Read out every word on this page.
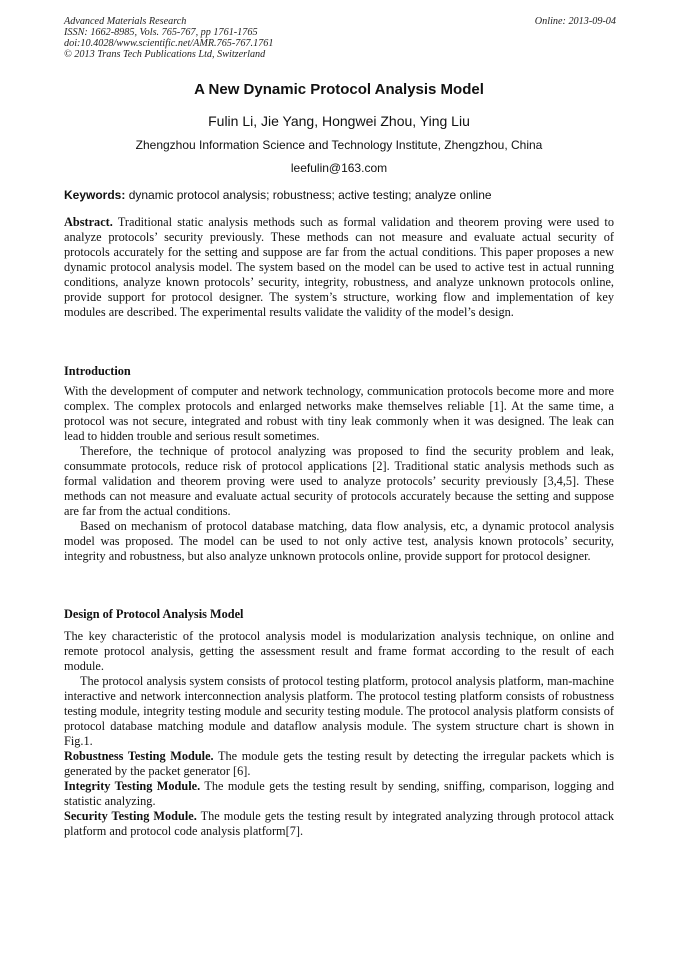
Advanced Materials Research
ISSN: 1662-8985, Vols. 765-767, pp 1761-1765
doi:10.4028/www.scientific.net/AMR.765-767.1761
© 2013 Trans Tech Publications Ltd, Switzerland
Online: 2013-09-04
A New Dynamic Protocol Analysis Model
Fulin Li, Jie Yang, Hongwei Zhou, Ying Liu
Zhengzhou Information Science and Technology Institute, Zhengzhou, China
leefulin@163.com
Keywords: dynamic protocol analysis; robustness; active testing; analyze online

Abstract. Traditional static analysis methods such as formal validation and theorem proving were used to analyze protocols’ security previously. These methods can not measure and evaluate actual security of protocols accurately for the setting and suppose are far from the actual conditions. This paper proposes a new dynamic protocol analysis model. The system based on the model can be used to active test in actual running conditions, analyze known protocols’ security, integrity, robustness, and analyze unknown protocols online, provide support for protocol designer. The system’s structure, working flow and implementation of key modules are described. The experimental results validate the validity of the model’s design.

Introduction

With the development of computer and network technology, communication protocols become more and more complex. The complex protocols and enlarged networks make themselves reliable [1]. At the same time, a protocol was not secure, integrated and robust with tiny leak commonly when it was designed. The leak can lead to hidden trouble and serious result sometimes.

Therefore, the technique of protocol analyzing was proposed to find the security problem and leak, consummate protocols, reduce risk of protocol applications [2]. Traditional static analysis methods such as formal validation and theorem proving were used to analyze protocols’ security previously [3,4,5]. These methods can not measure and evaluate actual security of protocols accurately because the setting and suppose are far from the actual conditions.

Based on mechanism of protocol database matching, data flow analysis, etc, a dynamic protocol analysis model was proposed. The model can be used to not only active test, analysis known protocols’ security, integrity and robustness, but also analyze unknown protocols online, provide support for protocol designer.

Design of Protocol Analysis Model

The key characteristic of the protocol analysis model is modularization analysis technique, on online and remote protocol analysis, getting the assessment result and frame format according to the result of each module.

The protocol analysis system consists of protocol testing platform, protocol analysis platform, man-machine interactive and network interconnection analysis platform. The protocol testing platform consists of robustness testing module, integrity testing module and security testing module. The protocol analysis platform consists of protocol database matching module and dataflow analysis module. The system structure chart is shown in Fig.1.

Robustness Testing Module. The module gets the testing result by detecting the irregular packets which is generated by the packet generator [6].

Integrity Testing Module. The module gets the testing result by sending, sniffing, comparison, logging and statistic analyzing.

Security Testing Module. The module gets the testing result by integrated analyzing through protocol attack platform and protocol code analysis platform[7].
